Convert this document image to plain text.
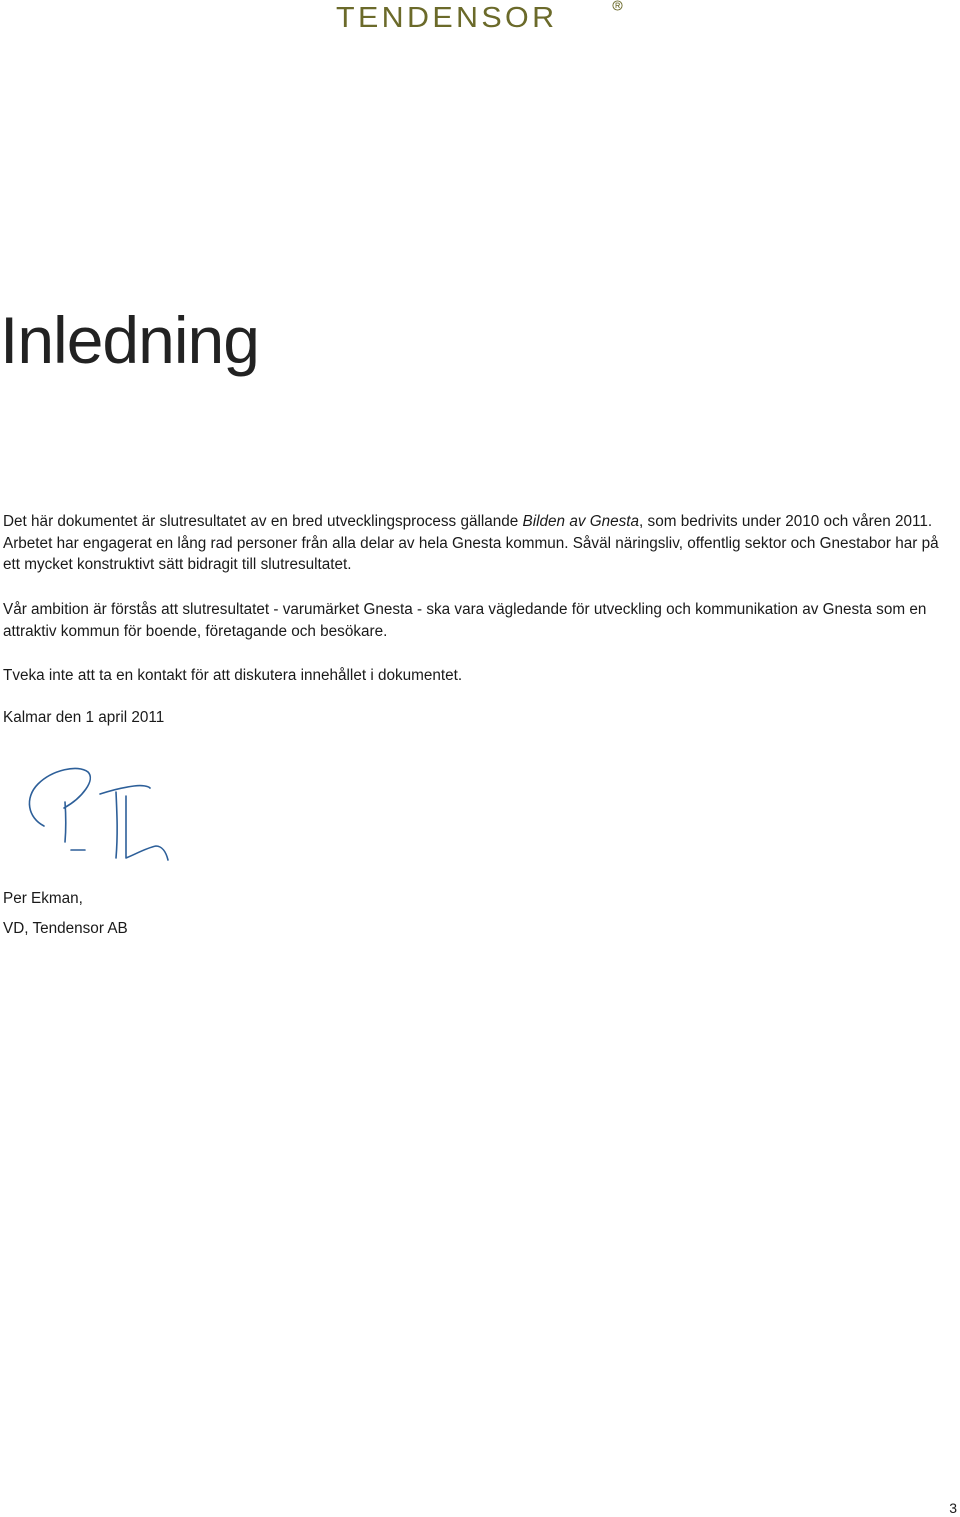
TENDENSOR
Inledning

Det här dokumentet är slutresultatet av en bred utvecklingsprocess gällande Bilden av Gnesta, som bedrivits under 2010 och våren 2011. Arbetet har engagerat en lång rad personer från alla delar av hela Gnesta kommun. Såväl näringsliv, offentlig sektor och Gnestabor har på ett mycket konstruktivt sätt bidragit till slutresultatet.

Vår ambition är förstås att slutresultatet - varumärket Gnesta - ska vara vägledande för utveckling och kommunikation av Gnesta som en attraktiv kommun för boende, företagande och besökare.

Tveka inte att ta en kontakt för att diskutera innehållet i dokumentet.

Kalmar den 1 april 2011

Per Ekman,

VD, Tendensor AB

3
